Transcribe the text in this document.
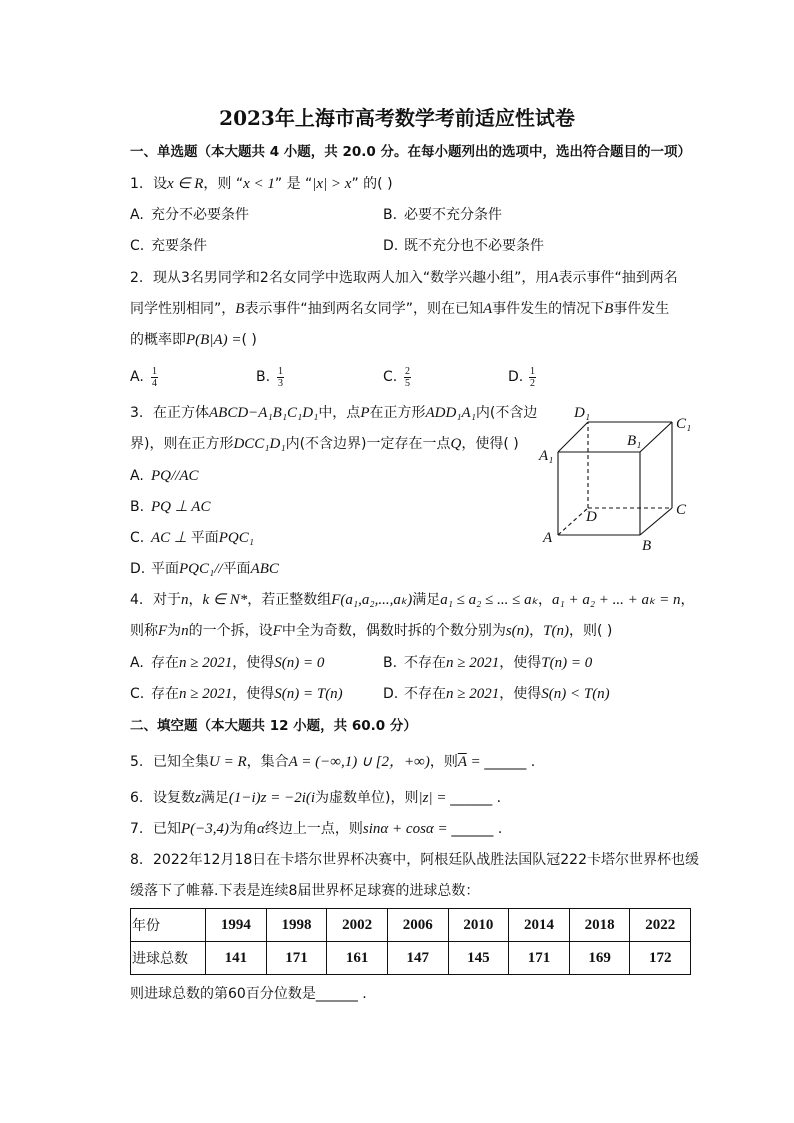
2023年上海市高考数学考前适应性试卷
一、单选题（本大题共 4 小题，共 20.0 分。在每小题列出的选项中，选出符合题目的一项）
1. 设x ∈ R，则 “x < 1” 是 “|x| > x” 的( )
A. 充分不必要条件	B. 必要不充分条件
C. 充要条件	D. 既不充分也不必要条件
2. 现从3名男同学和2名女同学中选取两人加入“数学兴趣小组”，用A表示事件“抽到两名
同学性别相同”，B表示事件“抽到两名女同学”，则在已知A事件发生的情况下B事件发生
的概率即P(B|A) =( )
A. $\frac{1}{4}$	B. $\frac{1}{3}$	C. $\frac{2}{5}$	D. $\frac{1}{2}$
3. 在正方体ABCD−A₁B₁C₁D₁中，点P在正方形ADD₁A₁内(不含边
界)，则在正方形DCC₁D₁内(不含边界)一定存在一点Q，使得( )
A. PQ//AC
B. PQ ⊥ AC
C. AC ⊥ 平面PQC₁
D. 平面PQC₁//平面ABC
D₁
C₁
B₁
A₁
D	C
A	B
4. 对于n，k ∈ N*，若正整数组F(a₁,a₂,...,aₖ)满足a₁ ≤ a₂ ≤ ... ≤ aₖ，a₁ + a₂ + ... + aₖ = n，
则称F为n的一个拆，设F中全为奇数，偶数时拆的个数分别为s(n)，T(n)，则( )
A. 存在n ≥ 2021，使得S(n) = 0	B. 不存在n ≥ 2021，使得T(n) = 0
C. 存在n ≥ 2021，使得S(n) = T(n)	D. 不存在n ≥ 2021，使得S(n) < T(n)
二、填空题（本大题共 12 小题，共 60.0 分）
5. 已知全集U = R，集合A = (−∞,1) ∪ [2，+∞)，则$\overline{A}$ = ______ .
6. 设复数z满足(1−i)z = −2i(i为虚数单位)，则|z| = ______ .
7. 已知P(−3,4)为角α终边上一点，则sinα + cosα = ______ .
8. 2022年12月18日在卡塔尔世界杯决赛中，阿根廷队战胜法国队冠222卡塔尔世界杯也缓
缓落下了帷幕.下表是连续8届世界杯足球赛的进球总数：
年份	1994	1998	2002	2006	2010	2014	2018	2022
进球总数	141	171	161	147	145	171	169	172
则进球总数的第60百分位数是______ .
